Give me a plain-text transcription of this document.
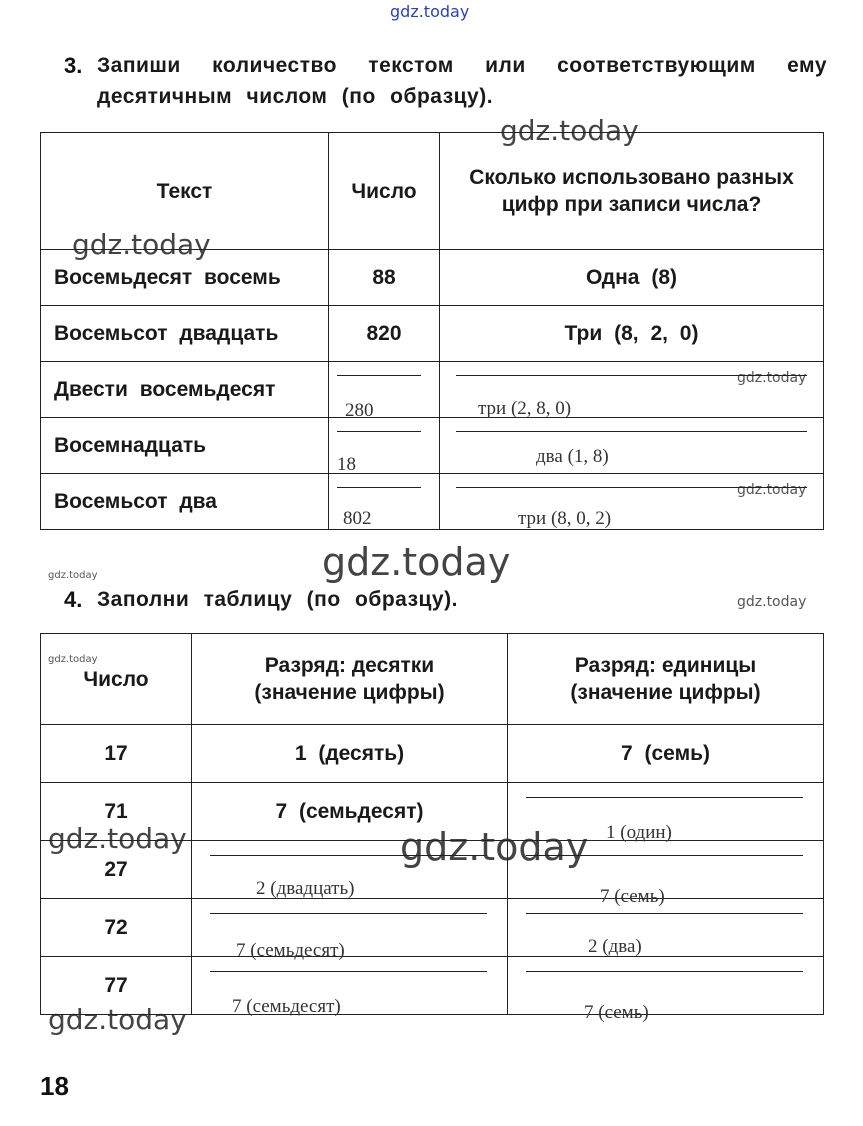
gdz.today
gdz.today
gdz.today
gdz.today
gdz.today
gdz.today
gdz.today
gdz.today
gdz.today
gdz.today	gdz.today
gdz.today
3. Запиши количество текстом или соответствующим ему
десятичным числом (по образцу).
Текст	Число	Сколько использовано разных цифр при записи числа?
Восемьдесят восемь	88	Одна (8)
Восемьсот двадцать	820	Три (8, 2, 0)
Двести восемьдесят	280	три (2, 8, 0)

Восемнадцать	18	два (1, 8)

Восемьсот два	802	три (8, 0, 2)
4. Заполни таблицу (по образцу).
Число	Разряд: десятки (значение цифры)	Разряд: единицы (значение цифры)
17	1 (десять)	7 (семь)
71	7 (семьдесят)	1 (один)

27	2 (двадцать)	7 (семь)

72	7 (семьдесят)	2 (два)

77	7 (семьдесят)	7 (семь)
18
